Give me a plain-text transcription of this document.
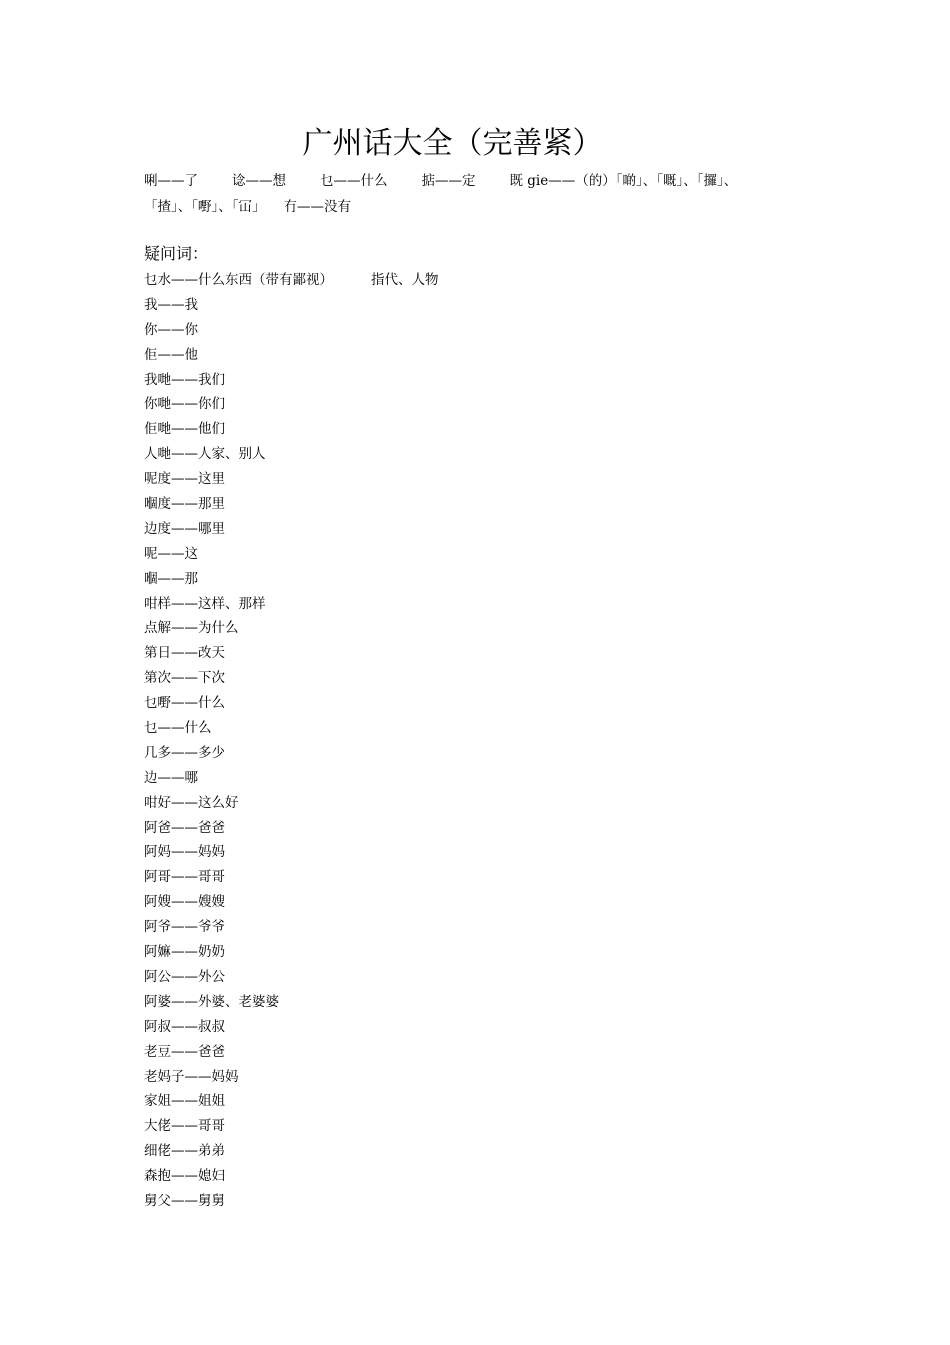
广州话大全（完善紧）
唎——了	谂——想	乜——什么	掂——定	既 gie——（的）「啲」、「嘅」、「攞」、「揸」、「嘢」、「冚」 冇——没有
疑问词：
乜水——什么东西（带有鄙视）	指代、人物
我——我
你——你
佢——他
我哋——我们
你哋——你们
佢哋——他们
人哋——人家、别人
呢度——这里
嗰度——那里
边度——哪里
呢——这
嗰——那
咁样——这样、那样
点解——为什么
第日——改天
第次——下次
乜嘢——什么
乜——什么
几多——多少
边——哪
咁好——这么好
阿爸——爸爸
阿妈——妈妈
阿哥——哥哥
阿嫂——嫂嫂
阿爷——爷爷
阿嫲——奶奶
阿公——外公
阿婆——外婆、老婆婆
阿叔——叔叔
老豆——爸爸
老妈子——妈妈
家姐——姐姐
大佬——哥哥
细佬——弟弟
森抱——媳妇
舅父——舅舅
